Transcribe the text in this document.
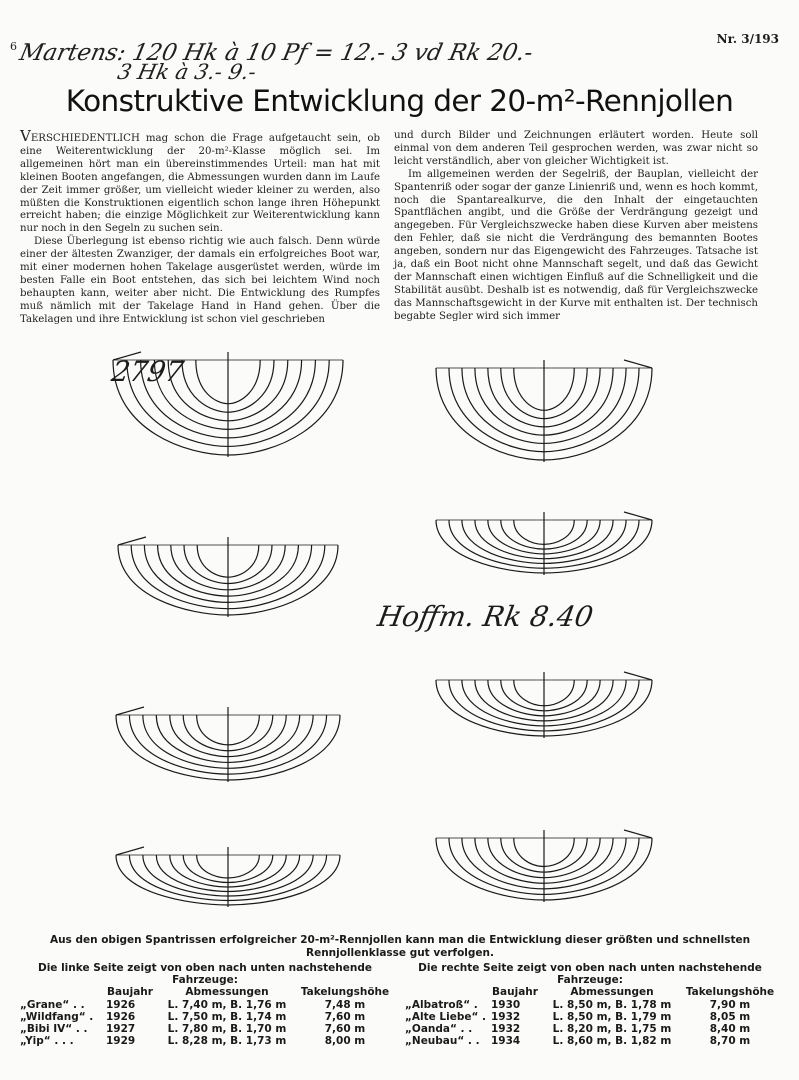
6
Nr. 3/193
Martens: 120 Hk à 10 Pf = 12.- 3 vd Rk 20.-
3 Hk à 3.- 9.-
Konstruktive Entwicklung der 20-m²-Rennjollen

VERSCHIEDENTLICH mag schon die Frage aufgetaucht sein, ob eine Weiterentwicklung der 20-m²-Klasse möglich sei. Im allgemeinen hört man ein übereinstimmendes Urteil: man hat mit kleinen Booten angefangen, die Abmessungen wurden dann im Laufe der Zeit immer größer, um vielleicht wieder kleiner zu werden, also müßten die Konstruktionen eigentlich schon lange ihren Höhepunkt erreicht haben; die einzige Möglichkeit zur Weiterentwicklung kann nur noch in den Segeln zu suchen sein.

Diese Überlegung ist ebenso richtig wie auch falsch. Denn würde einer der ältesten Zwanziger, der damals ein erfolgreiches Boot war, mit einer modernen hohen Takelage ausgerüstet werden, würde im besten Falle ein Boot entstehen, das sich bei leichtem Wind noch behaupten kann, weiter aber nicht. Die Entwicklung des Rumpfes muß nämlich mit der Takelage Hand in Hand gehen. Über die Takelagen und ihre Entwicklung ist schon viel geschrieben

und durch Bilder und Zeichnungen erläutert worden. Heute soll einmal von dem anderen Teil gesprochen werden, was zwar nicht so leicht verständlich, aber von gleicher Wichtigkeit ist.

Im allgemeinen werden der Segelriß, der Bauplan, vielleicht der Spantenriß oder sogar der ganze Linienriß und, wenn es hoch kommt, noch die Spantarealkurve, die den Inhalt der eingetauchten Spantflächen angibt, und die Größe der Verdrängung gezeigt und angegeben. Für Vergleichszwecke haben diese Kurven aber meistens den Fehler, daß sie nicht die Verdrängung des bemannten Bootes angeben, sondern nur das Eigengewicht des Fahrzeuges. Tatsache ist ja, daß ein Boot nicht ohne Mannschaft segelt, und daß das Gewicht der Mannschaft einen wichtigen Einfluß auf die Schnelligkeit und die Stabilität ausübt. Deshalb ist es notwendig, daß für Vergleichszwecke das Mannschaftsgewicht in der Kurve mit enthalten ist. Der technisch begabte Segler wird sich immer

2797
Hoffm. Rk 8.40
Aus den obigen Spantrissen erfolgreicher 20-m²-Rennjollen kann man die Entwicklung dieser größten und schnellsten Rennjollenklasse gut verfolgen.
Die linke Seite zeigt von oben nach unten nachstehende
Fahrzeuge:
	Baujahr	Abmessungen	Takelungshöhe
„Grane“ . .	1926	L. 7,40 m, B. 1,76 m	7,48 m
„Wildfang“ .	1926	L. 7,50 m, B. 1,74 m	7,60 m
„Bibi IV“ . .	1927	L. 7,80 m, B. 1,70 m	7,60 m
„Yip“ . . .	1929	L. 8,28 m, B. 1,73 m	8,00 m
Die rechte Seite zeigt von oben nach unten nachstehende
Fahrzeuge:
	Baujahr	Abmessungen	Takelungshöhe
„Albatroß“ .	1930	L. 8,50 m, B. 1,78 m	7,90 m
„Alte Liebe“ .	1932	L. 8,50 m, B. 1,79 m	8,05 m
„Oanda“ . .	1932	L. 8,20 m, B. 1,75 m	8,40 m
„Neubau“ . .	1934	L. 8,60 m, B. 1,82 m	8,70 m
